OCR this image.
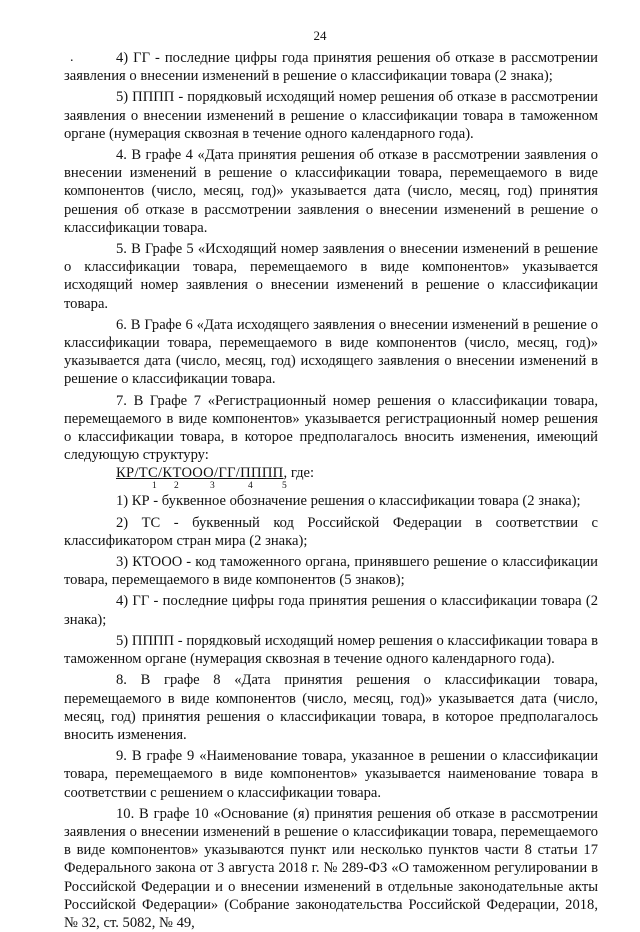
24
.	4) ГГ - последние цифры года принятия решения об отказе в рассмотрении заявления о внесении изменений в решение о классификации товара (2 знака);

5) ПППП - порядковый исходящий номер решения об отказе в рассмотрении заявления о внесении изменений в решение о классификации товара в таможенном органе (нумерация сквозная в течение одного календарного года).

4. В графе 4 «Дата принятия решения об отказе в рассмотрении заявления о внесении изменений в решение о классификации товара, перемещаемого в виде компонентов (число, месяц, год)» указывается дата (число, месяц, год) принятия решения об отказе в рассмотрении заявления о внесении изменений в решение о классификации товара.

5. В Графе 5 «Исходящий номер заявления о внесении изменений в решение о классификации товара, перемещаемого в виде компонентов» указывается исходящий номер заявления о внесении изменений в решение о классификации товара.

6. В Графе 6 «Дата исходящего заявления о внесении изменений в решение о классификации товара, перемещаемого в виде компонентов (число, месяц, год)» указывается дата (число, месяц, год) исходящего заявления о внесении изменений в решение о классификации товара.

7. В Графе 7 «Регистрационный номер решения о классификации товара, перемещаемого в виде компонентов» указывается регистрационный номер решения о классификации товара, в которое предполагалось вносить изменения, имеющий следующую структуру:

КР/ТС/КТООО/ГГ/ПППП, где:
1 2	3	4	5

1) КР - буквенное обозначение решения о классификации товара (2 знака);

2) ТС - буквенный код Российской Федерации в соответствии с классификатором стран мира (2 знака);

3) КТООО - код таможенного органа, принявшего решение о классификации товара, перемещаемого в виде компонентов (5 знаков);

4) ГГ - последние цифры года принятия решения о классификации товара (2 знака);

5) ПППП - порядковый исходящий номер решения о классификации товара в таможенном органе (нумерация сквозная в течение одного календарного года).

8. В графе 8 «Дата принятия решения о классификации товара, перемещаемого в виде компонентов (число, месяц, год)» указывается дата (число, месяц, год) принятия решения о классификации товара, в которое предполагалось вносить изменения.

9. В графе 9 «Наименование товара, указанное в решении о классификации товара, перемещаемого в виде компонентов» указывается наименование товара в соответствии с решением о классификации товара.

10. В графе 10 «Основание (я) принятия решения об отказе в рассмотрении заявления о внесении изменений в решение о классификации товара, перемещаемого в виде компонентов» указываются пункт или несколько пунктов части 8 статьи 17 Федерального закона от 3 августа 2018 г. № 289-ФЗ «О таможенном регулировании в Российской Федерации и о внесении изменений в отдельные законодательные акты Российской Федерации» (Собрание законодательства Российской Федерации, 2018, № 32, ст. 5082, № 49,
